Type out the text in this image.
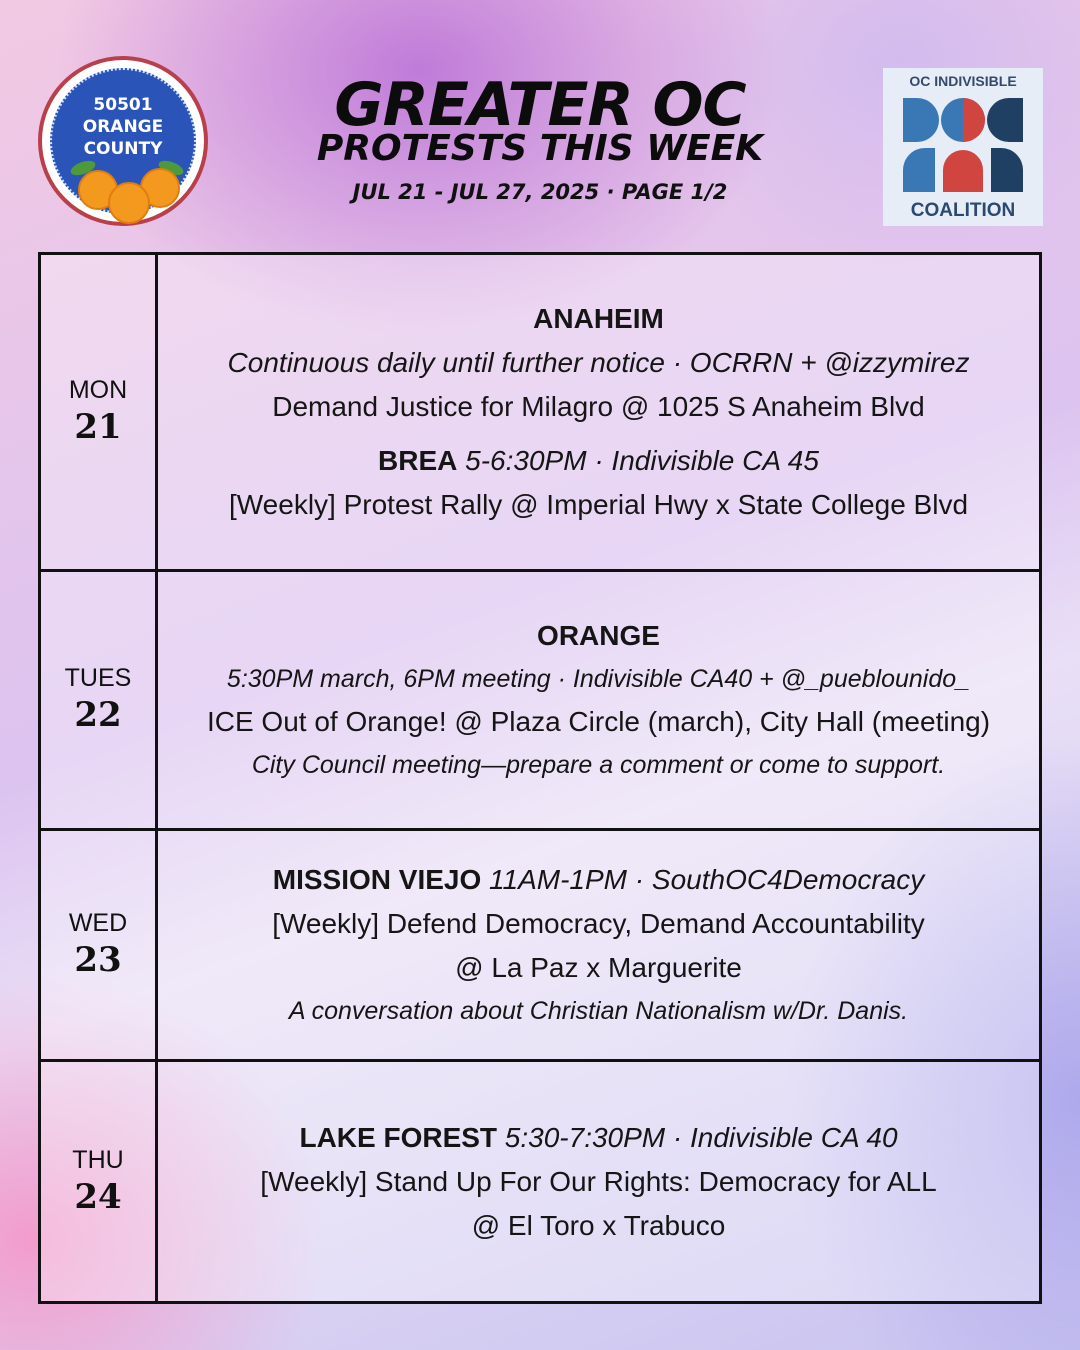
50501
ORANGE
COUNTY
GREATER OC
PROTESTS THIS WEEK
JUL 21 - JUL 27, 2025 · PAGE 1/2
OC INDIVISIBLE
COALITION
MON
21
ANAHEIM
Continuous daily until further notice · OCRRN + @izzymirez
Demand Justice for Milagro @ 1025 S Anaheim Blvd
BREA 5-6:30PM · Indivisible CA 45
[Weekly] Protest Rally @ Imperial Hwy x State College Blvd
TUES
22
ORANGE
5:30PM march, 6PM meeting · Indivisible CA40 + @_pueblounido_
ICE Out of Orange! @ Plaza Circle (march), City Hall (meeting)
City Council meeting—prepare a comment or come to support.
WED
23
MISSION VIEJO 11AM-1PM · SouthOC4Democracy
[Weekly] Defend Democracy, Demand Accountability
@ La Paz x Marguerite
A conversation about Christian Nationalism w/Dr. Danis.
THU
24
LAKE FOREST 5:30-7:30PM · Indivisible CA 40
[Weekly] Stand Up For Our Rights: Democracy for ALL
@ El Toro x Trabuco
